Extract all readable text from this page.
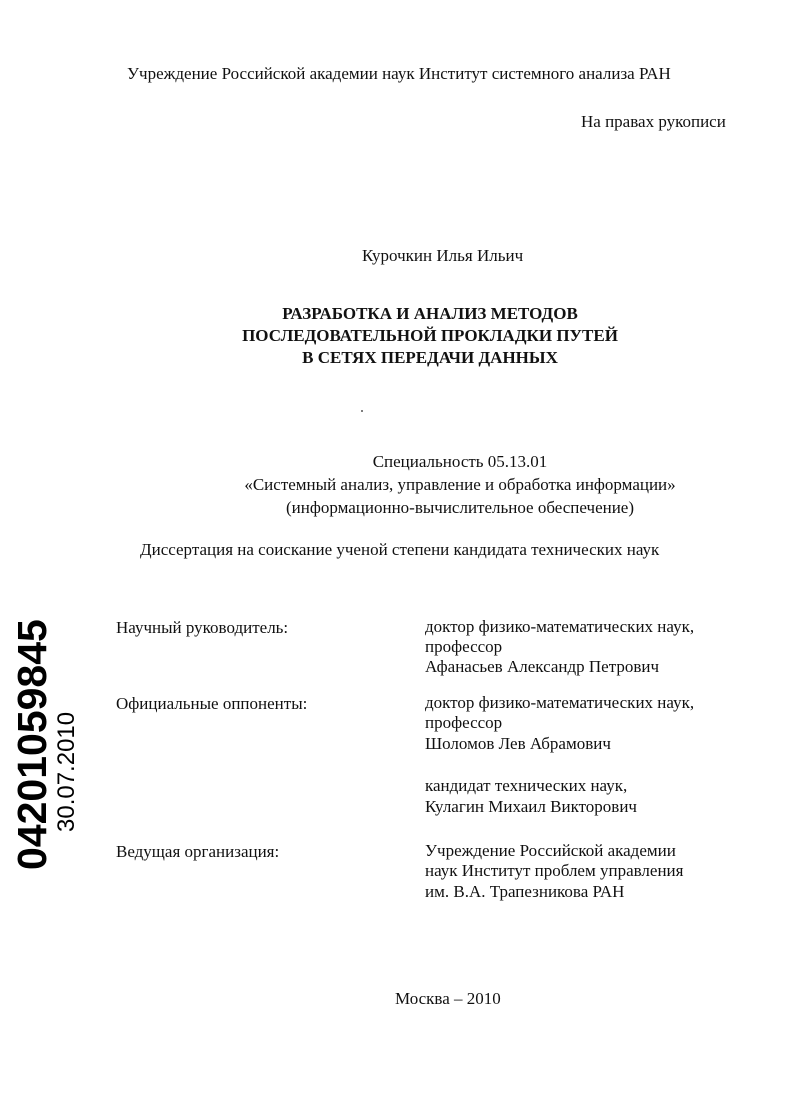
Учреждение Российской академии наук Институт системного анализа РАН
На правах рукописи
Курочкин Илья Ильич
РАЗРАБОТКА И АНАЛИЗ МЕТОДОВ
ПОСЛЕДОВАТЕЛЬНОЙ ПРОКЛАДКИ ПУТЕЙ
В СЕТЯХ ПЕРЕДАЧИ ДАННЫХ
Специальность 05.13.01
«Системный анализ, управление и обработка информации»
(информационно-вычислительное обеспечение)
Диссертация на соискание ученой степени кандидата технических наук
Научный руководитель:	доктор физико-математических наук,
профессор
Афанасьев Александр Петрович
Официальные оппоненты:	доктор физико-математических наук,
профессор
Шоломов Лев Абрамович
кандидат технических наук,
Кулагин Михаил Викторович
Ведущая организация:	Учреждение Российской академии
наук Институт проблем управления
им. В.А. Трапезникова РАН
Москва – 2010
04201059845
30.07.2010
